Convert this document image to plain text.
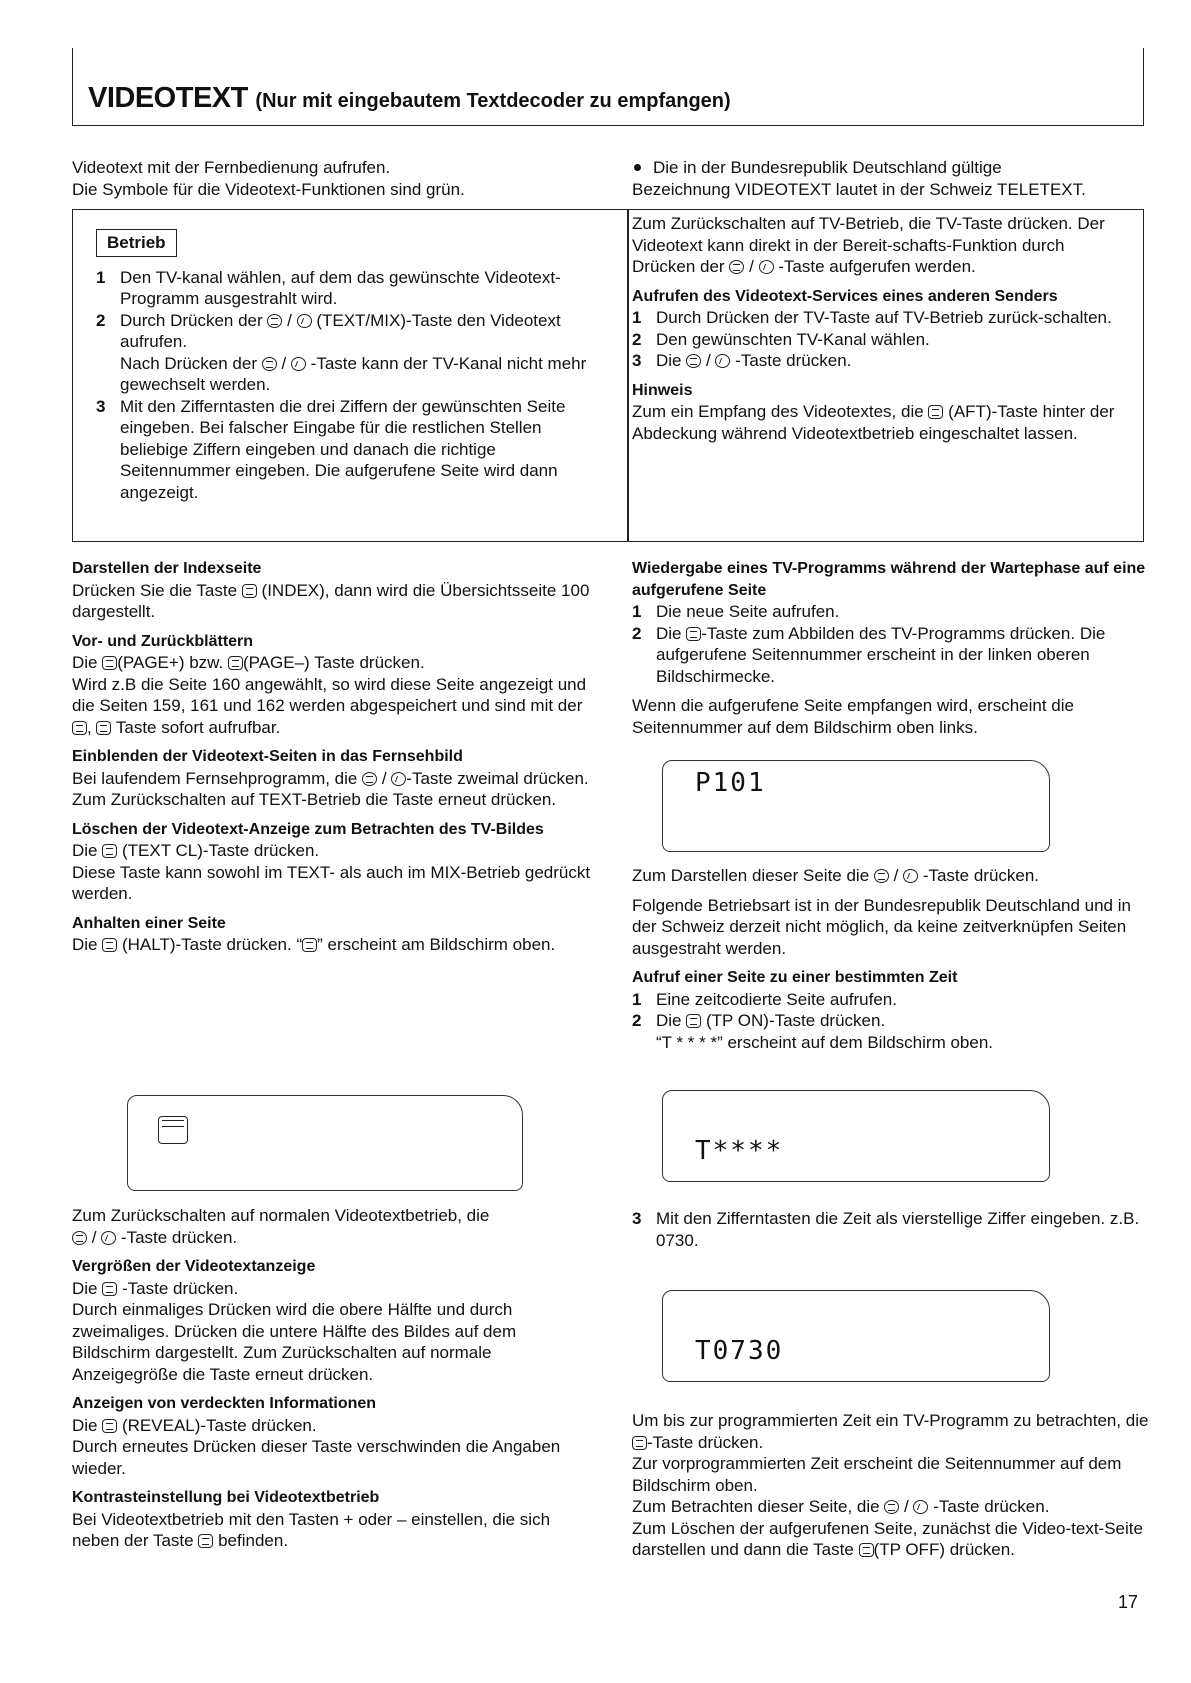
VIDEOTEXT (Nur mit eingebautem Textdecoder zu empfangen)

Videotext mit der Fernbedienung aufrufen.

Die Symbole für die Videotext-Funktionen sind grün.

Die in der Bundesrepublik Deutschland gültige

Bezeichnung VIDEOTEXT lautet in der Schweiz TELETEXT.

Betrieb
1 Den TV-kanal wählen, auf dem das gewünschte Videotext-Programm ausgestrahlt wird.
2 Durch Drücken der  /  (TEXT/MIX)-Taste den Videotext aufrufen.
Nach Drücken der  /  -Taste kann der TV-Kanal nicht mehr gewechselt werden.
3 Mit den Zifferntasten die drei Ziffern der gewünschten Seite eingeben. Bei falscher Eingabe für die restlichen Stellen beliebige Ziffern eingeben und danach die richtige Seitennummer eingeben. Die aufgerufene Seite wird dann angezeigt.

Zum Zurückschalten auf TV-Betrieb, die TV-Taste drücken. Der Videotext kann direkt in der Bereit-schafts-Funktion durch Drücken der  /  -Taste aufgerufen werden.

Aufrufen des Videotext-Services eines anderen Senders

1 Durch Drücken der TV-Taste auf TV-Betrieb zurück-schalten.
2 Den gewünschten TV-Kanal wählen.
3 Die  /  -Taste drücken.

Hinweis

Zum ein Empfang des Videotextes, die (AFT)-Taste hinter der Abdeckung während Videotextbetrieb eingeschaltet lassen.

Darstellen der Indexseite

Drücken Sie die Taste (INDEX), dann wird die Übersichtsseite 100 dargestellt.

Vor- und Zurückblättern

Die (PAGE+) bzw. (PAGE–) Taste drücken.
Wird z.B die Seite 160 angewählt, so wird diese Seite angezeigt und die Seiten 159, 161 und 162 werden abgespeichert und sind mit der ,  Taste sofort aufrufbar.

Einblenden der Videotext-Seiten in das Fernsehbild

Bei laufendem Fernsehprogramm, die  / -Taste zweimal drücken.
Zum Zurückschalten auf TEXT-Betrieb die Taste erneut drücken.

Löschen der Videotext-Anzeige zum Betrachten des TV-Bildes

Die (TEXT CL)-Taste drücken.
Diese Taste kann sowohl im TEXT- als auch im MIX-Betrieb gedrückt werden.

Anhalten einer Seite

Die (HALT)-Taste drücken. “ ” erscheint am Bildschirm oben.

Zum Zurückschalten auf normalen Videotextbetrieb, die
/  -Taste drücken.

Vergrößen der Videotextanzeige

Die -Taste drücken.
Durch einmaliges Drücken wird die obere Hälfte und durch zweimaliges. Drücken die untere Hälfte des Bildes auf dem Bildschirm dargestellt. Zum Zurückschalten auf normale Anzeigegröße die Taste erneut drücken.

Anzeigen von verdeckten Informationen

Die (REVEAL)-Taste drücken.
Durch erneutes Drücken dieser Taste verschwinden die Angaben wieder.

Kontrasteinstellung bei Videotextbetrieb

Bei Videotextbetrieb mit den Tasten + oder – einstellen, die sich neben der Taste befinden.

Wiedergabe eines TV-Programms während der Wartephase auf eine aufgerufene Seite

1 Die neue Seite aufrufen.
2 Die -Taste zum Abbilden des TV-Programms drücken. Die aufgerufene Seitennummer erscheint in der linken oberen Bildschirmecke.

Wenn die aufgerufene Seite empfangen wird, erscheint die Seitennummer auf dem Bildschirm oben links.

P101

Zum Darstellen dieser Seite die  /  -Taste drücken.

Folgende Betriebsart ist in der Bundesrepublik Deutschland und in der Schweiz derzeit nicht möglich, da keine zeitverknüpfen Seiten ausgestraht werden.

Aufruf einer Seite zu einer bestimmten Zeit

1 Eine zeitcodierte Seite aufrufen.
2 Die (TP ON)-Taste drücken.
“T * * * *” erscheint auf dem Bildschirm oben.
T****
3 Mit den Zifferntasten die Zeit als vierstellige Ziffer eingeben. z.B. 0730.
T0730

Um bis zur programmierten Zeit ein TV-Programm zu betrachten, die -Taste drücken.
Zur vorprogrammierten Zeit erscheint die Seitennummer auf dem Bildschirm oben.
Zum Betrachten dieser Seite, die  /  -Taste drücken.
Zum Löschen der aufgerufenen Seite, zunächst die Video-text-Seite darstellen und dann die Taste (TP OFF) drücken.

17
